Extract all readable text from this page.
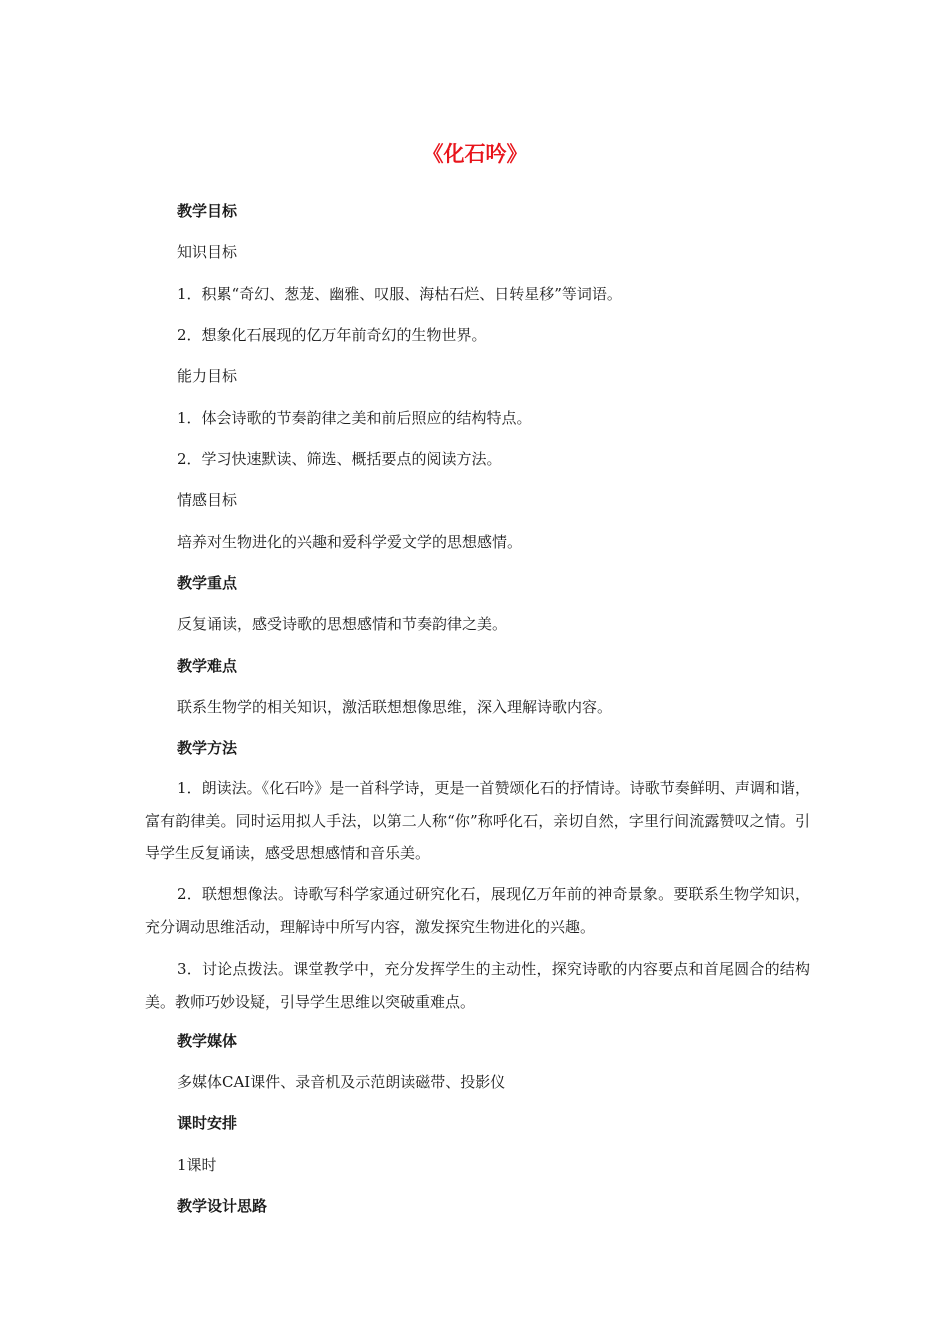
《化石吟》
教学目标
知识目标
1．积累“奇幻、葱茏、幽雅、叹服、海枯石烂、日转星移”等词语。
2．想象化石展现的亿万年前奇幻的生物世界。
能力目标
1．体会诗歌的节奏韵律之美和前后照应的结构特点。
2．学习快速默读、筛选、概括要点的阅读方法。
情感目标
培养对生物进化的兴趣和爱科学爱文学的思想感情。
教学重点
反复诵读，感受诗歌的思想感情和节奏韵律之美。
教学难点
联系生物学的相关知识，激活联想想像思维，深入理解诗歌内容。
教学方法
1．朗读法。《化石吟》是一首科学诗，更是一首赞颂化石的抒情诗。诗歌节奏鲜明、声调和谐，富有韵律美。同时运用拟人手法，以第二人称“你”称呼化石，亲切自然，字里行间流露赞叹之情。引导学生反复诵读，感受思想感情和音乐美。
2．联想想像法。诗歌写科学家通过研究化石，展现亿万年前的神奇景象。要联系生物学知识，充分调动思维活动，理解诗中所写内容，激发探究生物进化的兴趣。
3．讨论点拨法。课堂教学中，充分发挥学生的主动性，探究诗歌的内容要点和首尾圆合的结构美。教师巧妙设疑，引导学生思维以突破重难点。
教学媒体
多媒体CAI课件、录音机及示范朗读磁带、投影仪
课时安排
1课时
教学设计思路
